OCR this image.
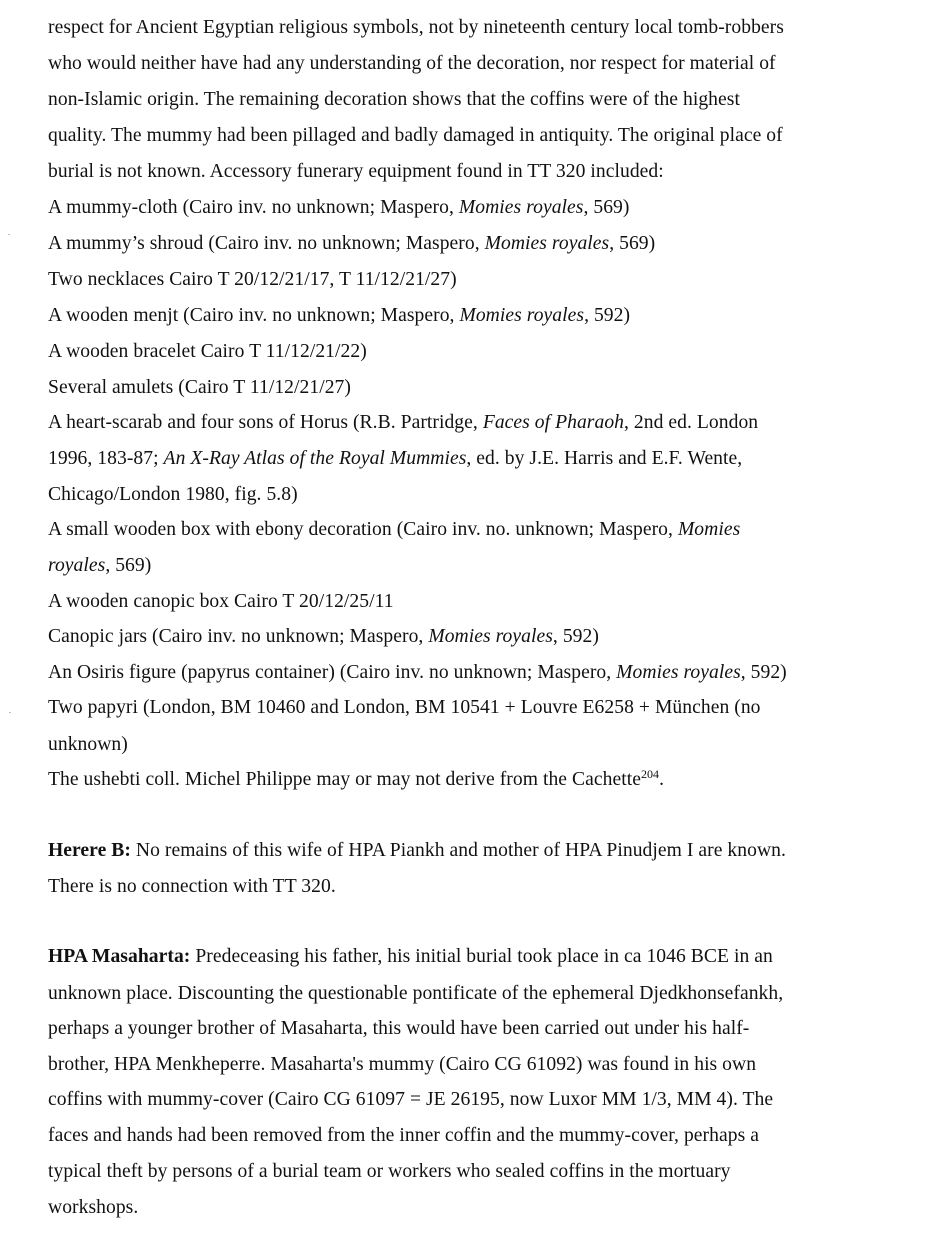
respect for Ancient Egyptian religious symbols, not by nineteenth century local tomb-robbers
who would neither have had any understanding of the decoration, nor respect for material of
non-Islamic origin. The remaining decoration shows that the coffins were of the highest
quality. The mummy had been pillaged and badly damaged in antiquity. The original place of
burial is not known. Accessory funerary equipment found in TT 320 included:
A mummy-cloth (Cairo inv. no unknown; Maspero, Momies royales, 569)
A mummy’s shroud (Cairo inv. no unknown; Maspero, Momies royales, 569)
Two necklaces Cairo T 20/12/21/17, T 11/12/21/27)
A wooden menjt (Cairo inv. no unknown; Maspero, Momies royales, 592)
A wooden bracelet Cairo T 11/12/21/22)
Several amulets (Cairo T 11/12/21/27)
A heart-scarab and four sons of Horus (R.B. Partridge, Faces of Pharaoh, 2nd ed. London
1996, 183-87; An X-Ray Atlas of the Royal Mummies, ed. by J.E. Harris and E.F. Wente,
Chicago/London 1980, fig. 5.8)
A small wooden box with ebony decoration (Cairo inv. no. unknown; Maspero, Momies
royales, 569)
A wooden canopic box Cairo T 20/12/25/11
Canopic jars (Cairo inv. no unknown; Maspero, Momies royales, 592)
An Osiris figure (papyrus container) (Cairo inv. no unknown; Maspero, Momies royales, 592)
Two papyri (London, BM 10460 and London, BM 10541 + Louvre E6258 + München (no
unknown)
The ushebti coll. Michel Philippe may or may not derive from the Cachette$^{204}$.
Herere B: No remains of this wife of HPA Piankh and mother of HPA Pinudjem I are known.
There is no connection with TT 320.
HPA Masaharta: Predeceasing his father, his initial burial took place in ca 1046 BCE in an
unknown place. Discounting the questionable pontificate of the ephemeral Djedkhonsefankh,
perhaps a younger brother of Masaharta, this would have been carried out under his half-
brother, HPA Menkheperre. Masaharta's mummy (Cairo CG 61092) was found in his own
coffins with mummy-cover (Cairo CG 61097 = JE 26195, now Luxor MM 1/3, MM 4). The
faces and hands had been removed from the inner coffin and the mummy-cover, perhaps a
typical theft by persons of a burial team or workers who sealed coffins in the mortuary
workshops.
